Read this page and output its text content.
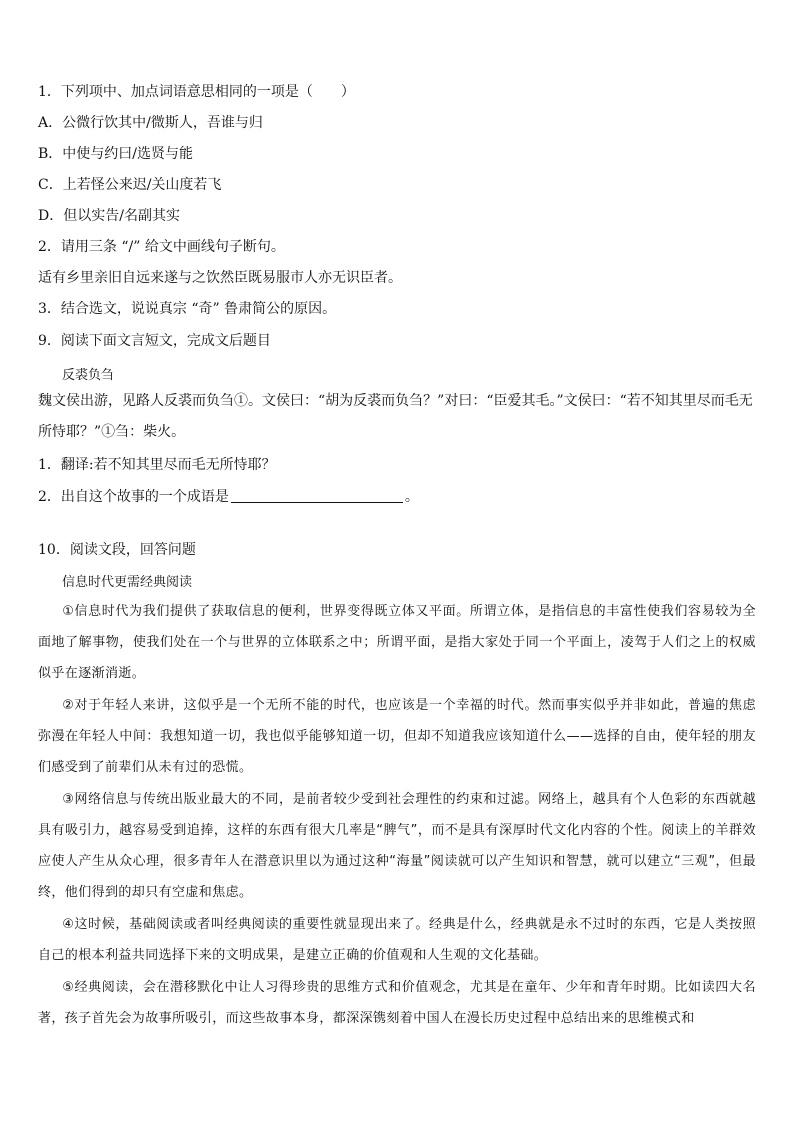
1．下列项中、加点词语意思相同的一项是（　　）
A．公微行饮其中/微斯人，吾谁与归
B．中使与约曰/选贤与能
C．上若怪公来迟/关山度若飞
D．但以实告/名副其实
2．请用三条 “/” 给文中画线句子断句。
适有乡里亲旧自远来遂与之饮然臣既易服市人亦无识臣者。
3．结合选文，说说真宗 “奇” 鲁肃简公的原因。
9．阅读下面文言短文，完成文后题目
反裘负刍
魏文侯出游，见路人反裘而负刍①。文侯曰：“胡为反裘而负刍？”对曰：“臣爱其毛。”文侯曰：“若不知其里尽而毛无所恃耶？”①刍：柴火。
1．翻译:若不知其里尽而毛无所恃耶？
2．出自这个故事的一个成语是	。
10．阅读文段，回答问题
信息时代更需经典阅读
①信息时代为我们提供了获取信息的便利，世界变得既立体又平面。所谓立体，是指信息的丰富性使我们容易较为全面地了解事物，使我们处在一个与世界的立体联系之中；所谓平面，是指大家处于同一个平面上，凌驾于人们之上的权威似乎在逐渐消逝。
②对于年轻人来讲，这似乎是一个无所不能的时代，也应该是一个幸福的时代。然而事实似乎并非如此，普遍的焦虑弥漫在年轻人中间：我想知道一切，我也似乎能够知道一切，但却不知道我应该知道什么——选择的自由，使年轻的朋友们感受到了前辈们从未有过的恐慌。
③网络信息与传统出版业最大的不同，是前者较少受到社会理性的约束和过滤。网络上，越具有个人色彩的东西就越具有吸引力，越容易受到追捧，这样的东西有很大几率是“脾气”，而不是具有深厚时代文化内容的个性。阅读上的羊群效应使人产生从众心理，很多青年人在潜意识里以为通过这种“海量”阅读就可以产生知识和智慧，就可以建立“三观”，但最终，他们得到的却只有空虚和焦虑。
④这时候，基础阅读或者叫经典阅读的重要性就显现出来了。经典是什么，经典就是永不过时的东西，它是人类按照自己的根本利益共同选择下来的文明成果，是建立正确的价值观和人生观的文化基础。
⑤经典阅读，会在潜移默化中让人习得珍贵的思维方式和价值观念，尤其是在童年、少年和青年时期。比如读四大名著，孩子首先会为故事所吸引，而这些故事本身，都深深镌刻着中国人在漫长历史过程中总结出来的思维模式和
